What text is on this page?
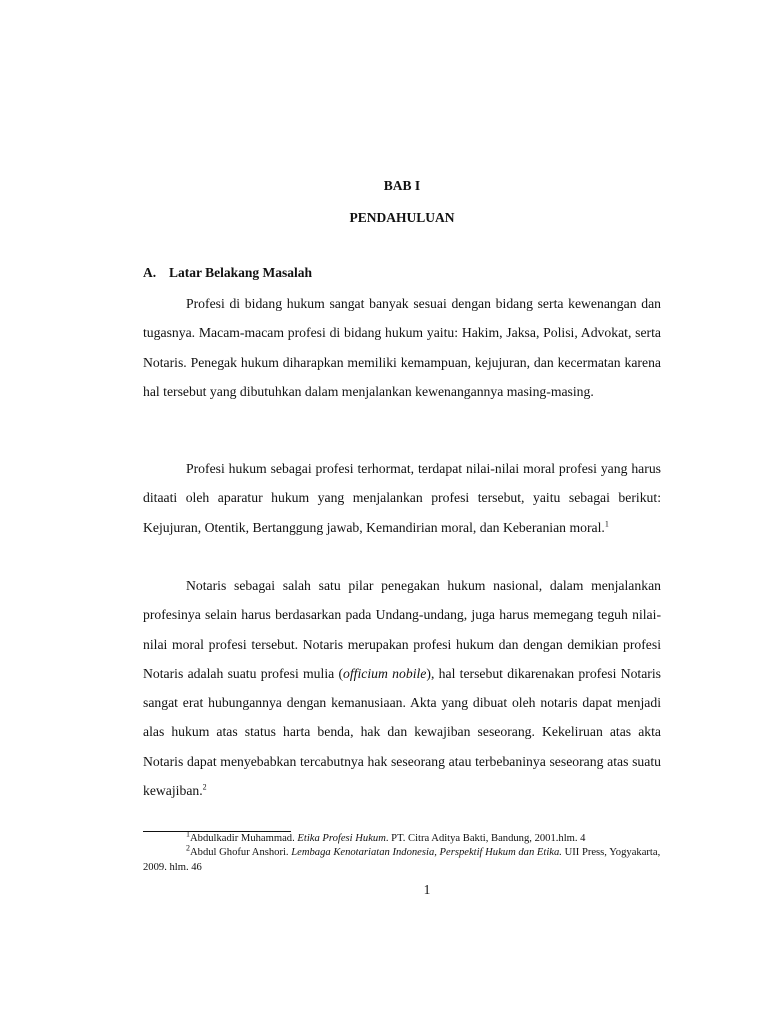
BAB I
PENDAHULUAN
A. Latar Belakang Masalah

Profesi di bidang hukum sangat banyak sesuai dengan bidang serta kewenangan dan tugasnya. Macam-macam profesi di bidang hukum yaitu: Hakim, Jaksa, Polisi, Advokat, serta Notaris. Penegak hukum diharapkan memiliki kemampuan, kejujuran, dan kecermatan karena hal tersebut yang dibutuhkan dalam menjalankan kewenangannya masing-masing.

Profesi hukum sebagai profesi terhormat, terdapat nilai-nilai moral profesi yang harus ditaati oleh aparatur hukum yang menjalankan profesi tersebut, yaitu sebagai berikut: Kejujuran, Otentik, Bertanggung jawab, Kemandirian moral, dan Keberanian moral.$^1$

Notaris sebagai salah satu pilar penegakan hukum nasional, dalam menjalankan profesinya selain harus berdasarkan pada Undang-undang, juga harus memegang teguh nilai-nilai moral profesi tersebut. Notaris merupakan profesi hukum dan dengan demikian profesi Notaris adalah suatu profesi mulia (officium nobile), hal tersebut dikarenakan profesi Notaris sangat erat hubungannya dengan kemanusiaan. Akta yang dibuat oleh notaris dapat menjadi alas hukum atas status harta benda, hak dan kewajiban seseorang. Kekeliruan atas akta Notaris dapat menyebabkan tercabutnya hak seseorang atau terbebaninya seseorang atas suatu kewajiban.$^2$

$^1$Abdulkadir Muhammad. Etika Profesi Hukum. PT. Citra Aditya Bakti, Bandung, 2001.hlm. 4

$^2$Abdul Ghofur Anshori. Lembaga Kenotariatan Indonesia, Perspektif Hukum dan Etika. UII Press, Yogyakarta, 2009. hlm. 46

1
